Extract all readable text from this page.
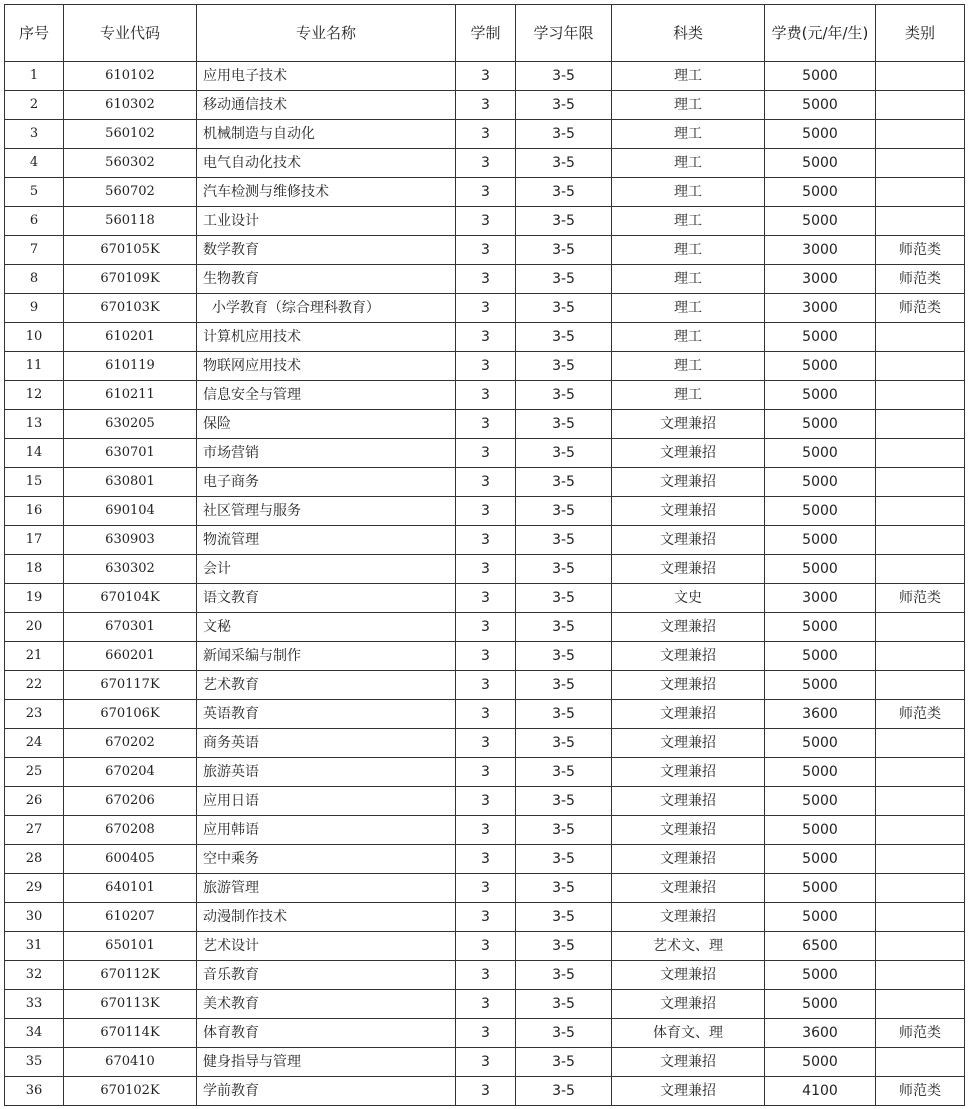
序号	专业代码	专业名称	学制	学习年限	科类	学费(元/年/生)	类别
1	610102	应用电子技术	3	3-5	理工	5000	
2	610302	移动通信技术	3	3-5	理工	5000	
3	560102	机械制造与自动化	3	3-5	理工	5000	
4	560302	电气自动化技术	3	3-5	理工	5000	
5	560702	汽车检测与维修技术	3	3-5	理工	5000	
6	560118	工业设计	3	3-5	理工	5000	
7	670105K	数学教育	3	3-5	理工	3000	师范类
8	670109K	生物教育	3	3-5	理工	3000	师范类
9	670103K	小学教育（综合理科教育）	3	3-5	理工	3000	师范类
10	610201	计算机应用技术	3	3-5	理工	5000	
11	610119	物联网应用技术	3	3-5	理工	5000	
12	610211	信息安全与管理	3	3-5	理工	5000	
13	630205	保险	3	3-5	文理兼招	5000	
14	630701	市场营销	3	3-5	文理兼招	5000	
15	630801	电子商务	3	3-5	文理兼招	5000	
16	690104	社区管理与服务	3	3-5	文理兼招	5000	
17	630903	物流管理	3	3-5	文理兼招	5000	
18	630302	会计	3	3-5	文理兼招	5000	
19	670104K	语文教育	3	3-5	文史	3000	师范类
20	670301	文秘	3	3-5	文理兼招	5000	
21	660201	新闻采编与制作	3	3-5	文理兼招	5000	
22	670117K	艺术教育	3	3-5	文理兼招	5000	
23	670106K	英语教育	3	3-5	文理兼招	3600	师范类
24	670202	商务英语	3	3-5	文理兼招	5000	
25	670204	旅游英语	3	3-5	文理兼招	5000	
26	670206	应用日语	3	3-5	文理兼招	5000	
27	670208	应用韩语	3	3-5	文理兼招	5000	
28	600405	空中乘务	3	3-5	文理兼招	5000	
29	640101	旅游管理	3	3-5	文理兼招	5000	
30	610207	动漫制作技术	3	3-5	文理兼招	5000	
31	650101	艺术设计	3	3-5	艺术文、理	6500	
32	670112K	音乐教育	3	3-5	文理兼招	5000	
33	670113K	美术教育	3	3-5	文理兼招	5000	
34	670114K	体育教育	3	3-5	体育文、理	3600	师范类
35	670410	健身指导与管理	3	3-5	文理兼招	5000	
36	670102K	学前教育	3	3-5	文理兼招	4100	师范类
